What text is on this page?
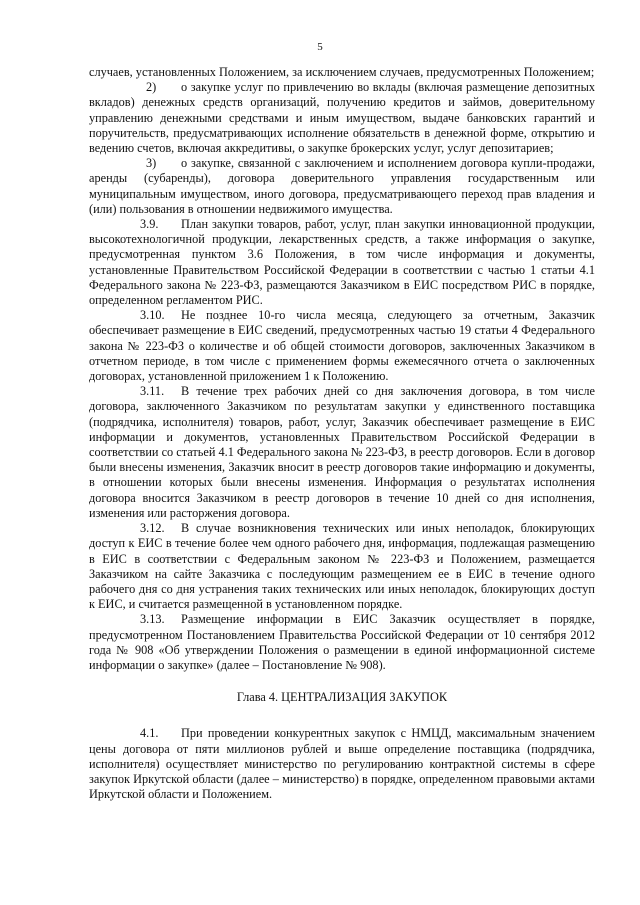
5

случаев, установленных Положением, за исключением случаев, предусмотренных Положением;

2) о закупке услуг по привлечению во вклады (включая размещение депозитных вкладов) денежных средств организаций, получению кредитов и займов, доверительному управлению денежными средствами и иным имуществом, выдаче банковских гарантий и поручительств, предусматривающих исполнение обязательств в денежной форме, открытию и ведению счетов, включая аккредитивы, о закупке брокерских услуг, услуг депозитариев;

3) о закупке, связанной с заключением и исполнением договора купли-продажи, аренды (субаренды), договора доверительного управления государственным или муниципальным имуществом, иного договора, предусматривающего переход прав владения и (или) пользования в отношении недвижимого имущества.

3.9. План закупки товаров, работ, услуг, план закупки инновационной продукции, высокотехнологичной продукции, лекарственных средств, а также информация о закупке, предусмотренная пунктом 3.6 Положения, в том числе информация и документы, установленные Правительством Российской Федерации в соответствии с частью 1 статьи 4.1 Федерального закона № 223-ФЗ, размещаются Заказчиком в ЕИС посредством РИС в порядке, определенном регламентом РИС.

3.10. Не позднее 10-го числа месяца, следующего за отчетным, Заказчик обеспечивает размещение в ЕИС сведений, предусмотренных частью 19 статьи 4 Федерального закона № 223-ФЗ о количестве и об общей стоимости договоров, заключенных Заказчиком в отчетном периоде, в том числе с применением формы ежемесячного отчета о заключенных договорах, установленной приложением 1 к Положению.

3.11. В течение трех рабочих дней со дня заключения договора, в том числе договора, заключенного Заказчиком по результатам закупки у единственного поставщика (подрядчика, исполнителя) товаров, работ, услуг, Заказчик обеспечивает размещение в ЕИС информации и документов, установленных Правительством Российской Федерации в соответствии со статьей 4.1 Федерального закона № 223-ФЗ, в реестр договоров. Если в договор были внесены изменения, Заказчик вносит в реестр договоров такие информацию и документы, в отношении которых были внесены изменения. Информация о результатах исполнения договора вносится Заказчиком в реестр договоров в течение 10 дней со дня исполнения, изменения или расторжения договора.

3.12. В случае возникновения технических или иных неполадок, блокирующих доступ к ЕИС в течение более чем одного рабочего дня, информация, подлежащая размещению в ЕИС в соответствии с Федеральным законом № 223-ФЗ и Положением, размещается Заказчиком на сайте Заказчика с последующим размещением ее в ЕИС в течение одного рабочего дня со дня устранения таких технических или иных неполадок, блокирующих доступ к ЕИС, и считается размещенной в установленном порядке.

3.13. Размещение информации в ЕИС Заказчик осуществляет в порядке, предусмотренном Постановлением Правительства Российской Федерации от 10 сентября 2012 года № 908 «Об утверждении Положения о размещении в единой информационной системе информации о закупке» (далее – Постановление № 908).

Глава 4. ЦЕНТРАЛИЗАЦИЯ ЗАКУПОК

4.1. При проведении конкурентных закупок с НМЦД, максимальным значением цены договора от пяти миллионов рублей и выше определение поставщика (подрядчика, исполнителя) осуществляет министерство по регулированию контрактной системы в сфере закупок Иркутской области (далее – министерство) в порядке, определенном правовыми актами Иркутской области и Положением.
